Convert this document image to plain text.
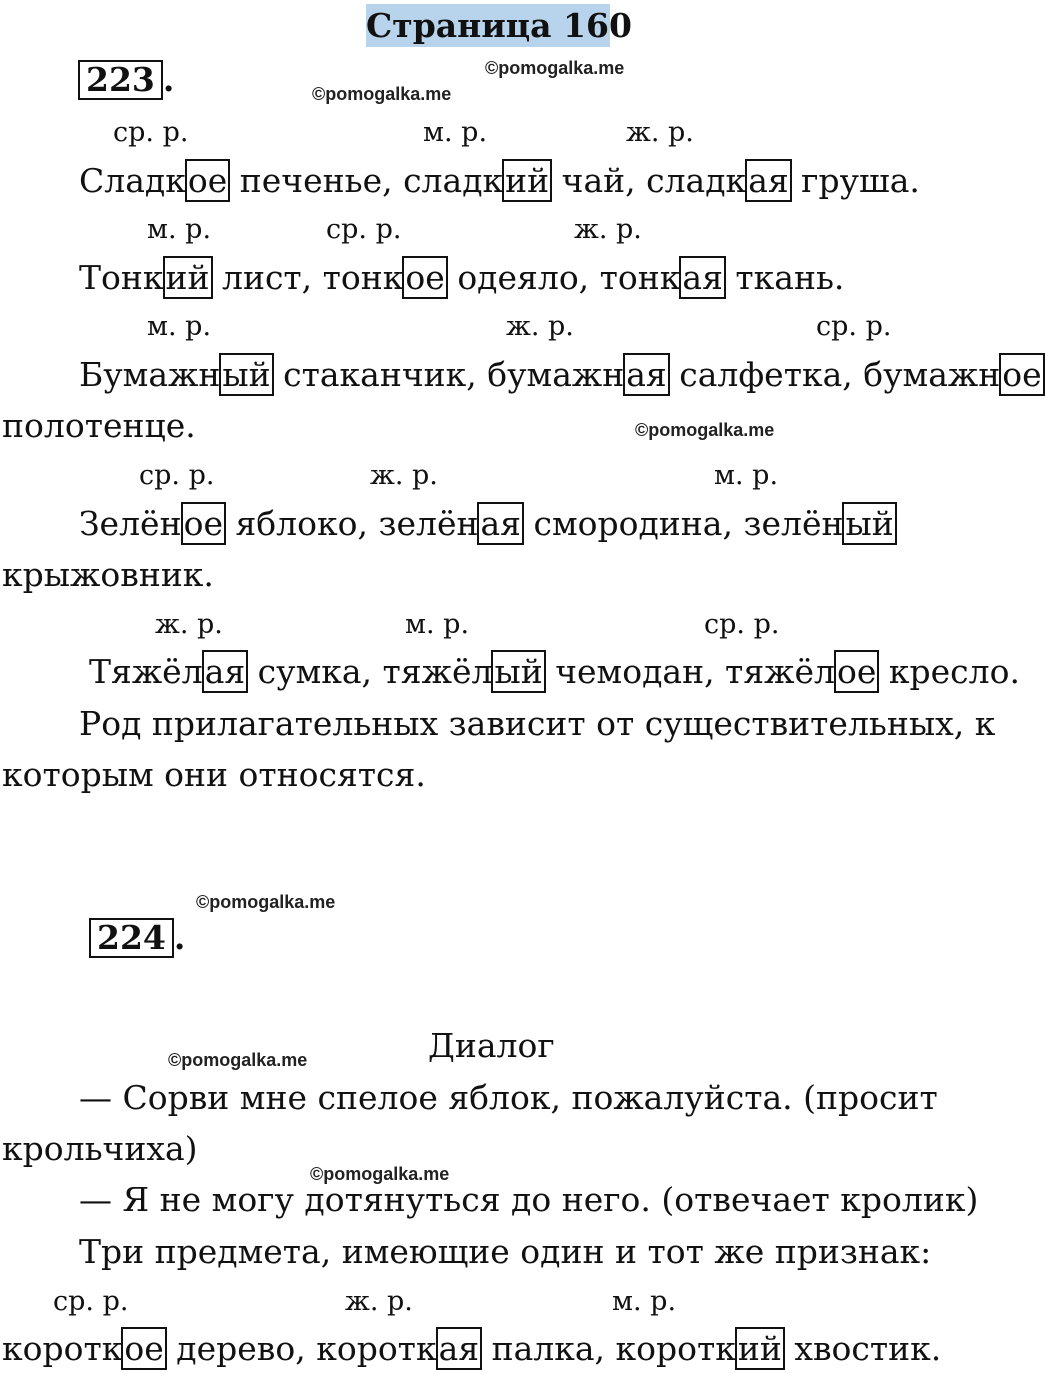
Страница 160
223 .	©pomogalka.me
©pomogalka.me
ср. р.	м. р.	ж. р.
Сладкое печенье, сладкий чай, сладкая груша.
м. р.	ср. р.	ж. р.
Тонкий лист, тонкое одеяло, тонкая ткань.
м. р.	ж. р.	ср. р.
Бумажный стаканчик, бумажная салфетка, бумажное
полотенце.	©pomogalka.me
ср. р.	ж. р.	м. р.
Зелёное яблоко, зелёная смородина, зелёный
крыжовник.
ж. р.	м. р.	ср. р.
Тяжёлая сумка, тяжёлый чемодан, тяжёлое кресло.
Род прилагательных зависит от существительных, к
которым они относятся.
©pomogalka.me
224 .
Диалог
©pomogalka.me
— Сорви мне спелое яблок, пожалуйста. (просит
крольчиха)
©pomogalka.me
— Я не могу дотянуться до него. (отвечает кролик)
Три предмета, имеющие один и тот же признак:
ср. р.	ж. р.	м. р.
короткое дерево, короткая палка, короткий хвостик.
